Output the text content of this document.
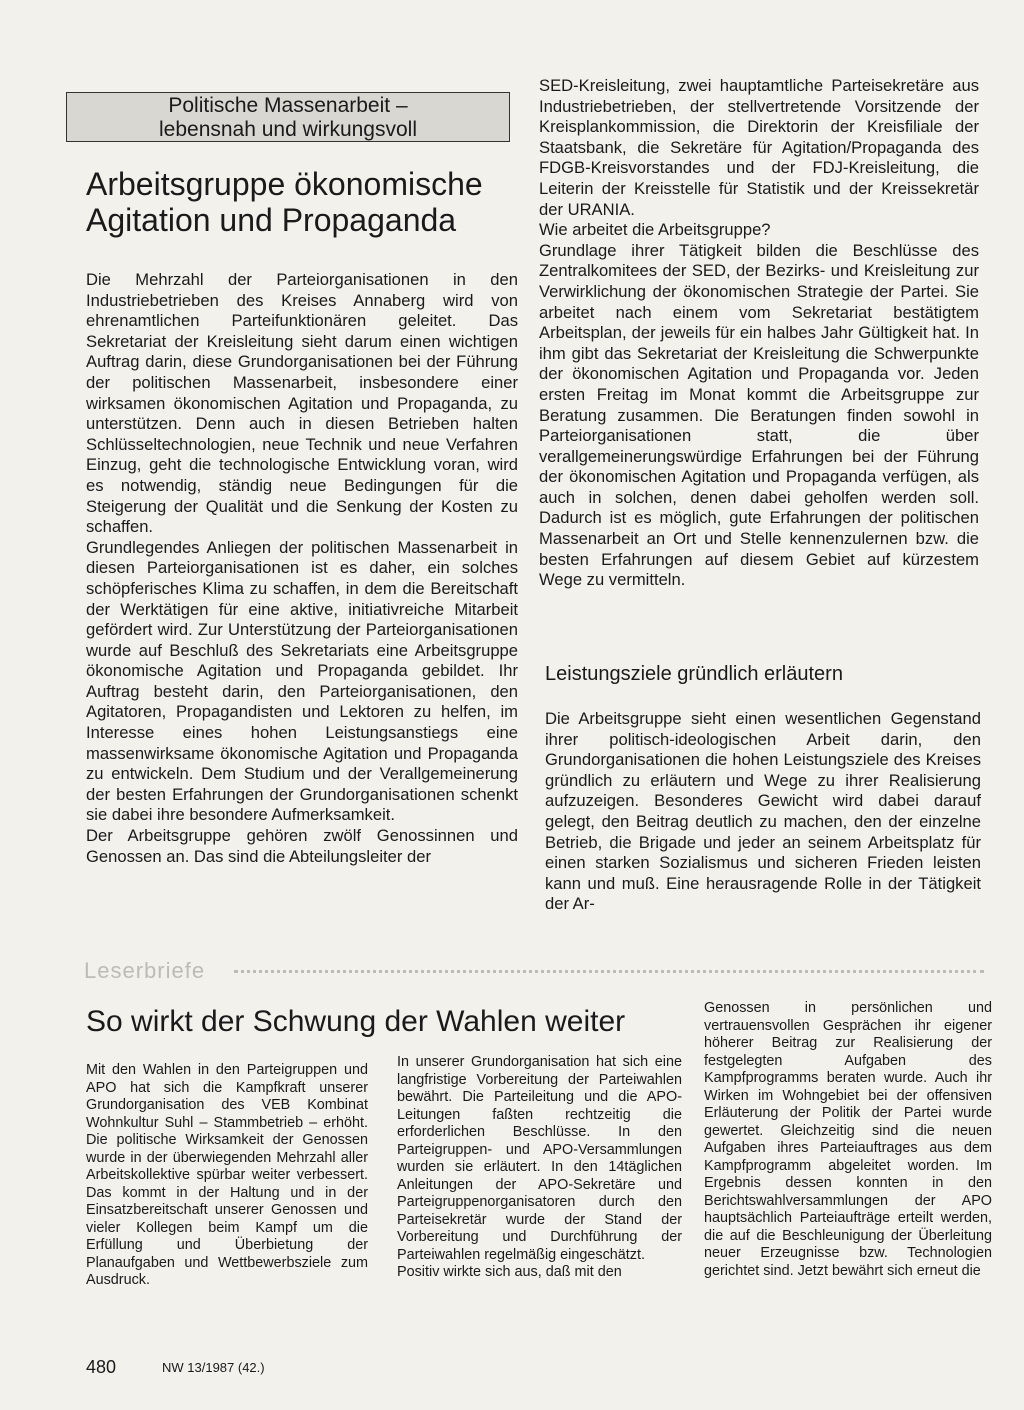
Politische Massenarbeit –
lebensnah und wirkungsvoll
Arbeitsgruppe ökonomische
Agitation und Propaganda

Die Mehrzahl der Parteiorganisationen in den Industriebetrieben des Kreises Annaberg wird von ehrenamtlichen Parteifunktionären geleitet. Das Sekretariat der Kreisleitung sieht darum einen wichtigen Auftrag darin, diese Grundorganisationen bei der Führung der politischen Massenarbeit, insbesondere einer wirksamen ökonomischen Agitation und Propaganda, zu unterstützen. Denn auch in diesen Betrieben halten Schlüsseltechnologien, neue Technik und neue Verfahren Einzug, geht die technologische Entwicklung voran, wird es notwendig, ständig neue Bedingungen für die Steigerung der Qualität und die Senkung der Kosten zu schaffen.

Grundlegendes Anliegen der politischen Massenarbeit in diesen Parteiorganisationen ist es daher, ein solches schöpferisches Klima zu schaffen, in dem die Bereitschaft der Werktätigen für eine aktive, initiativreiche Mitarbeit gefördert wird. Zur Unterstützung der Parteiorganisationen wurde auf Beschluß des Sekretariats eine Arbeitsgruppe ökonomische Agitation und Propaganda gebildet. Ihr Auftrag besteht darin, den Parteiorganisationen, den Agitatoren, Propagandisten und Lektoren zu helfen, im Interesse eines hohen Leistungsanstiegs eine massenwirksame ökonomische Agitation und Propaganda zu entwickeln. Dem Studium und der Verallgemeinerung der besten Erfahrungen der Grundorganisationen schenkt sie dabei ihre besondere Aufmerksamkeit.

Der Arbeitsgruppe gehören zwölf Genossinnen und Genossen an. Das sind die Abteilungsleiter der

SED-Kreisleitung, zwei hauptamtliche Parteisekretäre aus Industriebetrieben, der stellvertretende Vorsitzende der Kreisplankommission, die Direktorin der Kreisfiliale der Staatsbank, die Sekretäre für Agitation/Propaganda des FDGB-Kreisvorstandes und der FDJ-Kreisleitung, die Leiterin der Kreisstelle für Statistik und der Kreissekretär der URANIA.

Wie arbeitet die Arbeitsgruppe?

Grundlage ihrer Tätigkeit bilden die Beschlüsse des Zentralkomitees der SED, der Bezirks- und Kreisleitung zur Verwirklichung der ökonomischen Strategie der Partei. Sie arbeitet nach einem vom Sekretariat bestätigtem Arbeitsplan, der jeweils für ein halbes Jahr Gültigkeit hat. In ihm gibt das Sekretariat der Kreisleitung die Schwerpunkte der ökonomischen Agitation und Propaganda vor. Jeden ersten Freitag im Monat kommt die Arbeitsgruppe zur Beratung zusammen. Die Beratungen finden sowohl in Parteiorganisationen statt, die über verallgemeinerungswürdige Erfahrungen bei der Führung der ökonomischen Agitation und Propaganda verfügen, als auch in solchen, denen dabei geholfen werden soll. Dadurch ist es möglich, gute Erfahrungen der politischen Massenarbeit an Ort und Stelle kennenzulernen bzw. die besten Erfahrungen auf diesem Gebiet auf kürzestem Wege zu vermitteln.

Leistungsziele gründlich erläutern

Die Arbeitsgruppe sieht einen wesentlichen Gegenstand ihrer politisch-ideologischen Arbeit darin, den Grundorganisationen die hohen Leistungsziele des Kreises gründlich zu erläutern und Wege zu ihrer Realisierung aufzuzeigen. Besonderes Gewicht wird dabei darauf gelegt, den Beitrag deutlich zu machen, den der einzelne Betrieb, die Brigade und jeder an seinem Arbeitsplatz für einen starken Sozialismus und sicheren Frieden leisten kann und muß. Eine herausragende Rolle in der Tätigkeit der Ar-

Leserbriefe
So wirkt der Schwung der Wahlen weiter

Mit den Wahlen in den Parteigruppen und APO hat sich die Kampfkraft unserer Grundorganisation des VEB Kombinat Wohnkultur Suhl – Stammbetrieb – erhöht. Die politische Wirksamkeit der Genossen wurde in der überwiegenden Mehrzahl aller Arbeitskollektive spürbar weiter verbessert. Das kommt in der Haltung und in der Einsatzbereitschaft unserer Genossen und vieler Kollegen beim Kampf um die Erfüllung und Überbietung der Planaufgaben und Wettbewerbsziele zum Ausdruck.

In unserer Grundorganisation hat sich eine langfristige Vorbereitung der Parteiwahlen bewährt. Die Parteileitung und die APO-Leitungen faßten rechtzeitig die erforderlichen Beschlüsse. In den Parteigruppen- und APO-Versammlungen wurden sie erläutert. In den 14täglichen Anleitungen der APO-Sekretäre und Parteigruppenorganisatoren durch den Parteisekretär wurde der Stand der Vorbereitung und Durchführung der Parteiwahlen regelmäßig eingeschätzt.

Positiv wirkte sich aus, daß mit den

Genossen in persönlichen und vertrauensvollen Gesprächen ihr eigener höherer Beitrag zur Realisierung der festgelegten Aufgaben des Kampfprogramms beraten wurde. Auch ihr Wirken im Wohngebiet bei der offensiven Erläuterung der Politik der Partei wurde gewertet. Gleichzeitig sind die neuen Aufgaben ihres Parteiauftrages aus dem Kampfprogramm abgeleitet worden. Im Ergebnis dessen konnten in den Berichtswahlversammlungen der APO hauptsächlich Parteiaufträge erteilt werden, die auf die Beschleunigung der Überleitung neuer Erzeugnisse bzw. Technologien gerichtet sind. Jetzt bewährt sich erneut die

480	NW 13/1987 (42.)
